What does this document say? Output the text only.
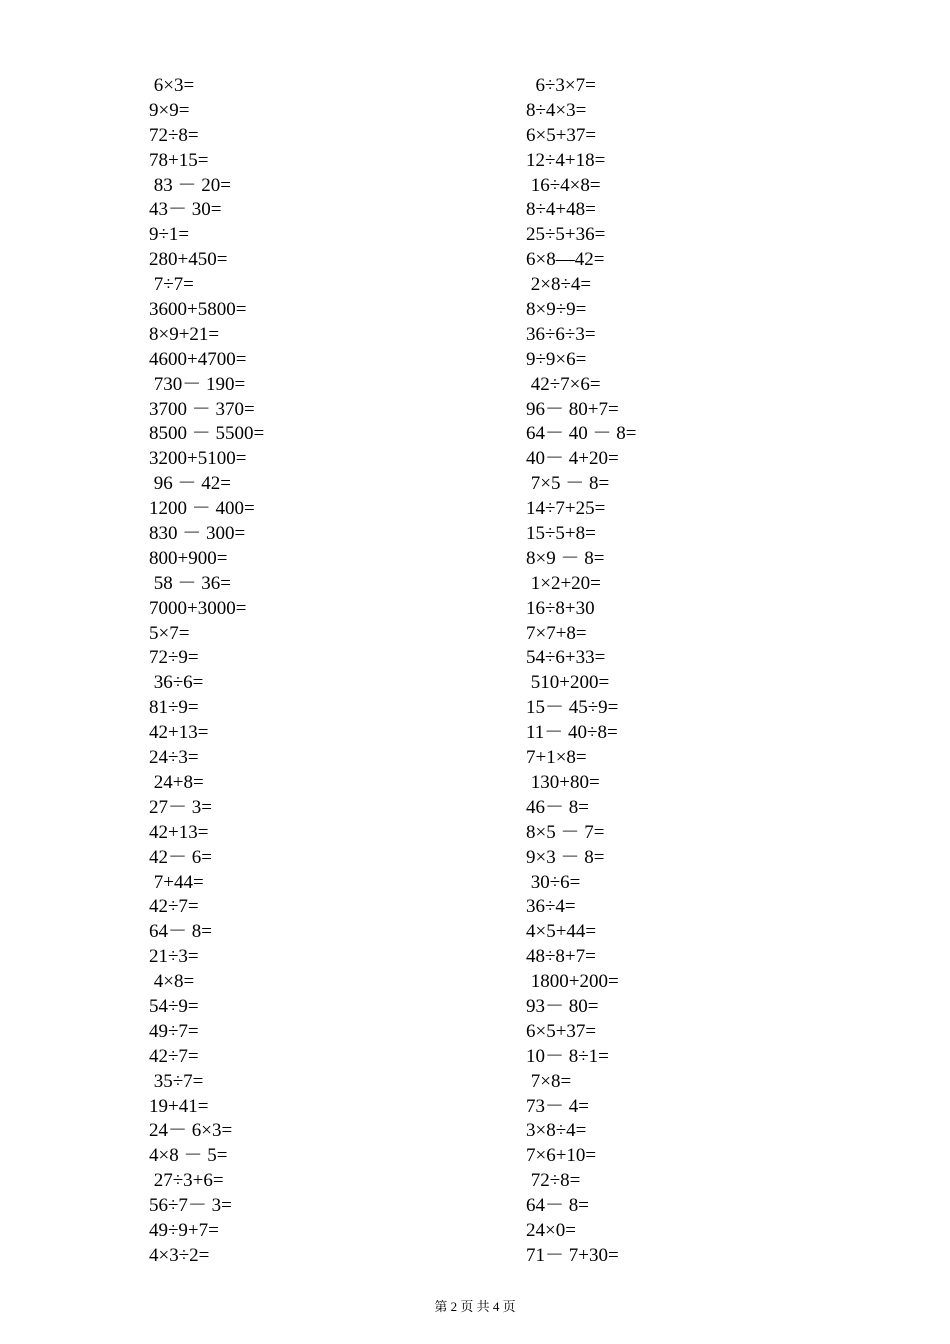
6×3=
9×9=
72÷8=
78+15=
83 － 20=
43－ 30=
9÷1=
280+450=
7÷7=
3600+5800=
8×9+21=
4600+4700=
730－ 190=
3700 － 370=
8500 － 5500=
3200+5100=
96 － 42=
1200 － 400=
830 － 300=
800+900=
58 － 36=
7000+3000=
5×7=
72÷9=
36÷6=
81÷9=
42+13=
24÷3=
24+8=
27－ 3=
42+13=
42－ 6=
7+44=
42÷7=
64－ 8=
21÷3=
4×8=
54÷9=
49÷7=
42÷7=
35÷7=
19+41=
24－ 6×3=
4×8 － 5=
27÷3+6=
56÷7－ 3=
49÷9+7=
4×3÷2=
6÷3×7=
8÷4×3=
6×5+37=
12÷4+18=
16÷4×8=
8÷4+48=
25÷5+36=
6×8—42=
2×8÷4=
8×9÷9=
36÷6÷3=
9÷9×6=
42÷7×6=
96－ 80+7=
64－ 40 － 8=
40－ 4+20=
7×5 － 8=
14÷7+25=
15÷5+8=
8×9 － 8=
1×2+20=
16÷8+30
7×7+8=
54÷6+33=
510+200=
15－ 45÷9=
11－ 40÷8=
7+1×8=
130+80=
46－ 8=
8×5 － 7=
9×3 － 8=
30÷6=
36÷4=
4×5+44=
48÷8+7=
1800+200=
93－ 80=
6×5+37=
10－ 8÷1=
7×8=
73－ 4=
3×8÷4=
7×6+10=
72÷8=
64－ 8=
24×0=
71－ 7+30=
第 2 页 共 4 页
